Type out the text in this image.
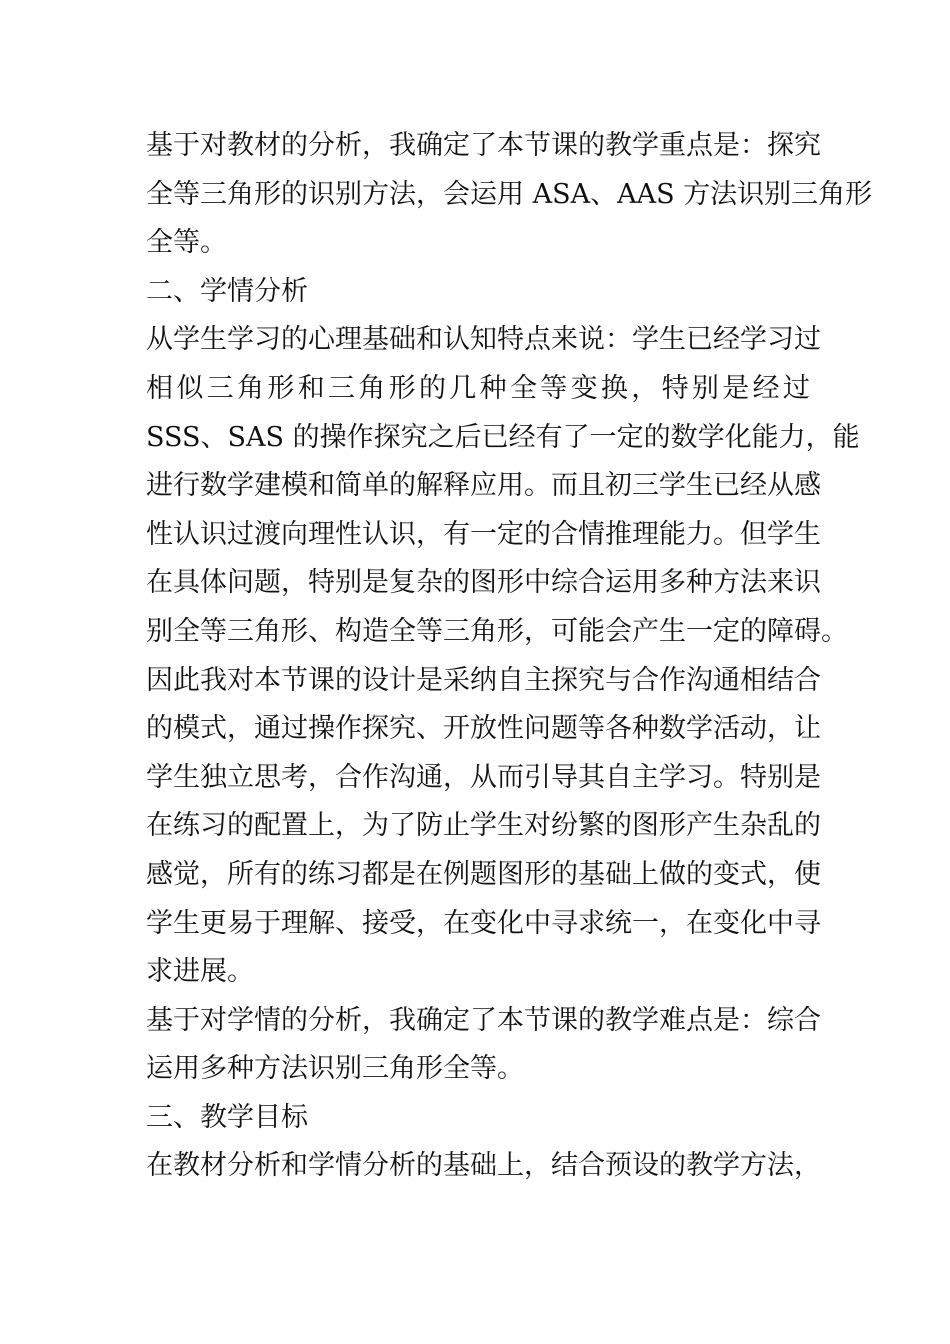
基于对教材的分析，我确定了本节课的教学重点是：探究
全等三角形的识别方法，会运用 ASA、AAS 方法识别三角形
全等。
二、学情分析
从学生学习的心理基础和认知特点来说：学生已经学习过
相 似 三 角 形 和 三 角 形 的 几 种 全 等 变 换 ， 特 别 是 经 过
SSS、SAS 的操作探究之后已经有了一定的数学化能力，能
进行数学建模和简单的解释应用。而且初三学生已经从感
性认识过渡向理性认识，有一定的合情推理能力。但学生
在具体问题，特别是复杂的图形中综合运用多种方法来识
别全等三角形、构造全等三角形，可能会产生一定的障碍。
因此我对本节课的设计是采纳自主探究与合作沟通相结合
的模式，通过操作探究、开放性问题等各种数学活动，让
学生独立思考，合作沟通，从而引导其自主学习。特别是
在练习的配置上，为了防止学生对纷繁的图形产生杂乱的
感觉，所有的练习都是在例题图形的基础上做的变式，使
学生更易于理解、接受，在变化中寻求统一，在变化中寻
求进展。
基于对学情的分析，我确定了本节课的教学难点是：综合
运用多种方法识别三角形全等。
三、教学目标
在教材分析和学情分析的基础上，结合预设的教学方法，
